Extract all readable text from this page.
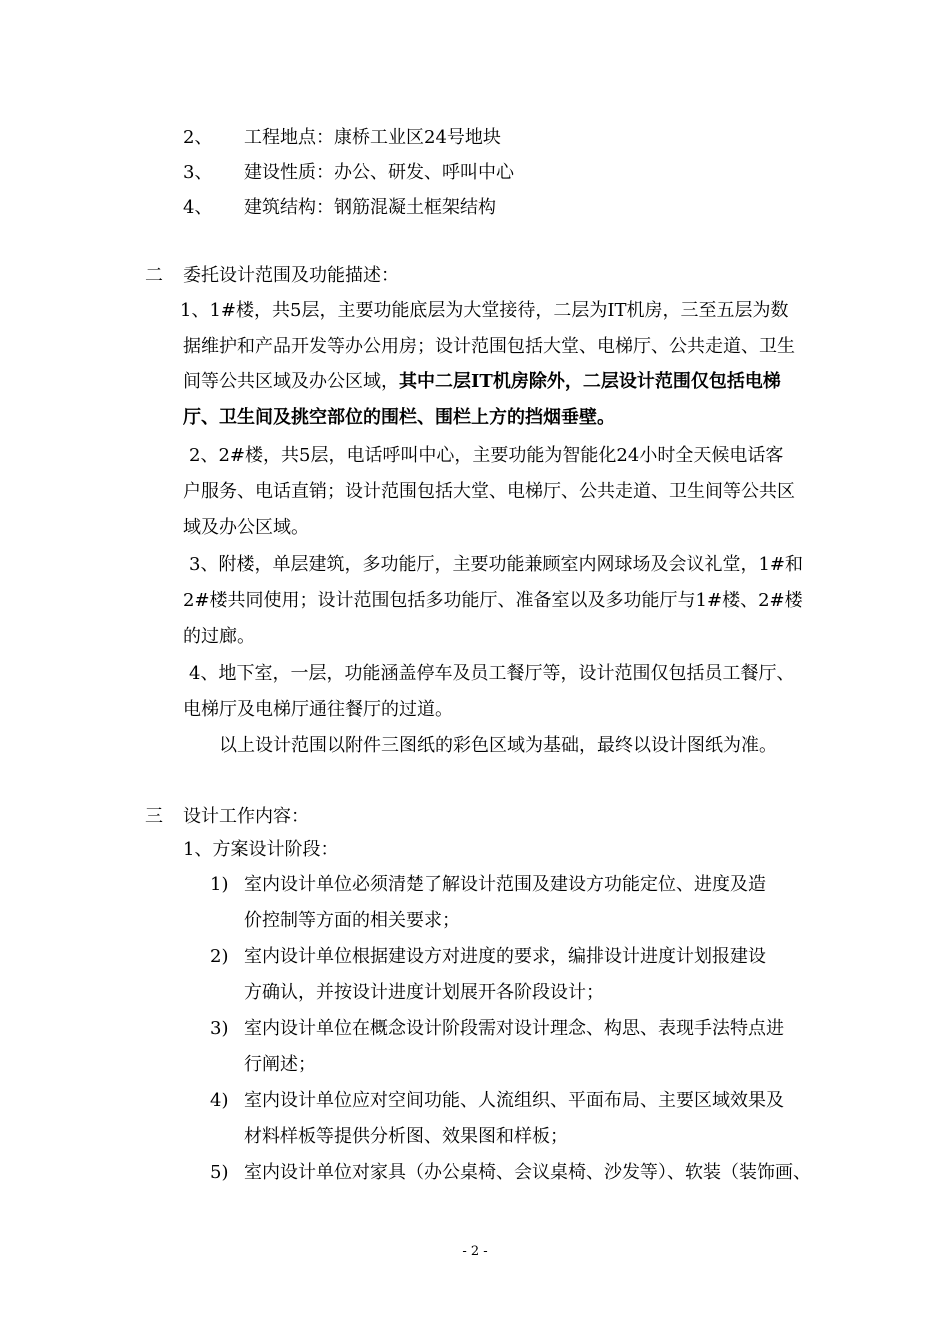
2、 工程地点：康桥工业区24号地块
3、 建设性质：办公、研发、呼叫中心
4、 建筑结构：钢筋混凝土框架结构
二 委托设计范围及功能描述：
1、1#楼，共5层，主要功能底层为大堂接待，二层为IT机房，三至五层为数
据维护和产品开发等办公用房；设计范围包括大堂、电梯厅、公共走道、卫生
间等公共区域及办公区域，其中二层IT机房除外，二层设计范围仅包括电梯
厅、卫生间及挑空部位的围栏、围栏上方的挡烟垂壁。
2、2#楼，共5层，电话呼叫中心，主要功能为智能化24小时全天候电话客
户服务、电话直销；设计范围包括大堂、电梯厅、公共走道、卫生间等公共区
域及办公区域。
3、附楼，单层建筑，多功能厅，主要功能兼顾室内网球场及会议礼堂，1#和
2#楼共同使用；设计范围包括多功能厅、准备室以及多功能厅与1#楼、2#楼
的过廊。
4、地下室，一层，功能涵盖停车及员工餐厅等，设计范围仅包括员工餐厅、
电梯厅及电梯厅通往餐厅的过道。
以上设计范围以附件三图纸的彩色区域为基础，最终以设计图纸为准。
三 设计工作内容：
1、方案设计阶段：
1) 室内设计单位必须清楚了解设计范围及建设方功能定位、进度及造
价控制等方面的相关要求；
2) 室内设计单位根据建设方对进度的要求，编排设计进度计划报建设
方确认，并按设计进度计划展开各阶段设计；
3) 室内设计单位在概念设计阶段需对设计理念、构思、表现手法特点进
行阐述；
4) 室内设计单位应对空间功能、人流组织、平面布局、主要区域效果及
材料样板等提供分析图、效果图和样板；
5) 室内设计单位对家具（办公桌椅、会议桌椅、沙发等）、软装（装饰画、
- 2 -
